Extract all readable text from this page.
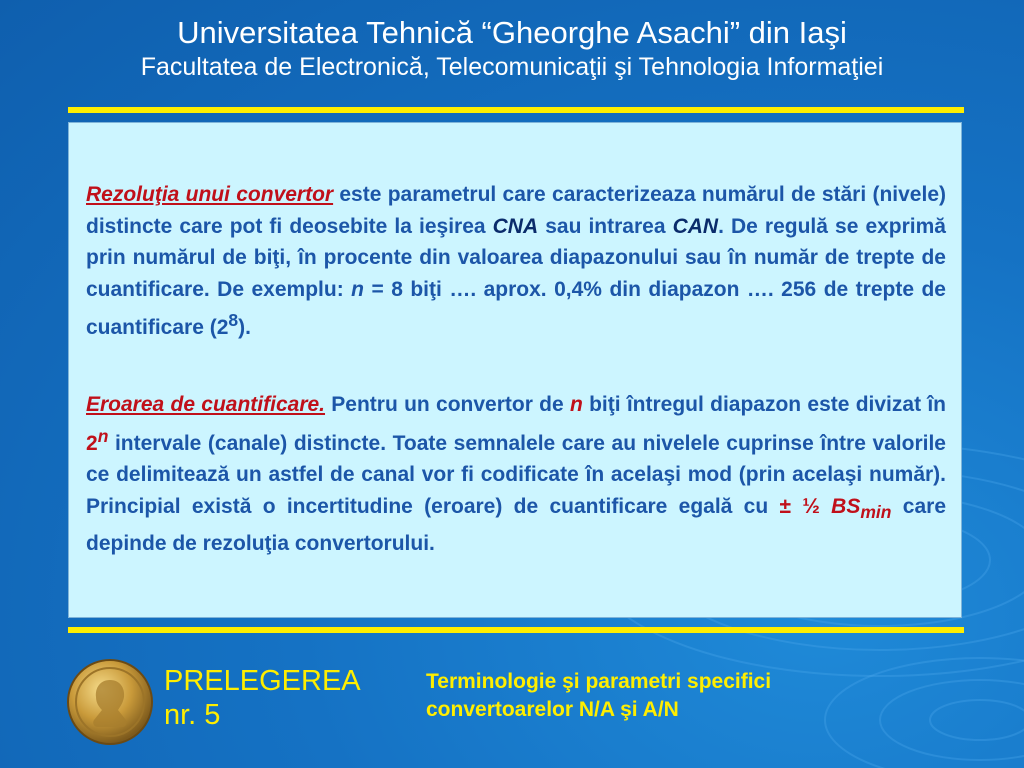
Universitatea Tehnică “Gheorghe Asachi” din Iaşi
Facultatea de Electronică, Telecomunicaţii şi Tehnologia Informaţiei

Rezoluţia unui convertor este parametrul care caracterizeaza numărul de stări (nivele) distincte care pot fi deosebite la ieşirea CNA sau intrarea CAN. De regulă se exprimă prin numărul de biţi, în procente din valoarea diapazonului sau în număr de trepte de cuantificare. De exemplu: n = 8 biţi …. aprox. 0,4% din diapazon …. 256 de trepte de cuantificare $(2^8)$.

Eroarea de cuantificare. Pentru un convertor de n biţi întregul diapazon este divizat în 2$^n$ intervale (canale) distincte. Toate semnalele care au nivelele cuprinse între valorile ce delimitează un astfel de canal vor fi codificate în acelaşi mod (prin acelaşi număr). Principial există o incertitudine (eroare) de cuantificare egală cu ± ½ $BS_{min}$ care depinde de rezoluţia convertorului.

PRELEGEREA
nr. 5
Terminologie şi parametri specifici
convertoarelor N/A şi A/N
